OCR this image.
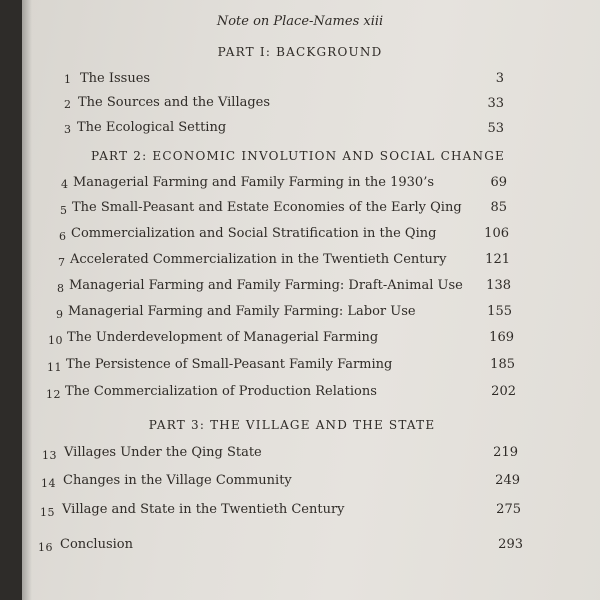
Note on Place-Names xiii
PART I: BACKGROUND
1 The Issues	3
2 The Sources and the Villages	33
3 The Ecological Setting	53
PART 2: ECONOMIC INVOLUTION AND SOCIAL CHANGE
4 Managerial Farming and Family Farming in the 1930’s	69
5 The Small-Peasant and Estate Economies of the Early Qing 85
6 Commercialization and Social Stratification in the Qing	106
7 Accelerated Commercialization in the Twentieth Century	121
8 Managerial Farming and Family Farming: Draft-Animal Use 138
9 Managerial Farming and Family Farming: Labor Use	155
10 The Underdevelopment of Managerial Farming	169
11 The Persistence of Small-Peasant Family Farming	185
12 The Commercialization of Production Relations	202
PART 3: THE VILLAGE AND THE STATE
13 Villages Under the Qing State	219
14 Changes in the Village Community	249
15 Village and State in the Twentieth Century	275
16 Conclusion	293
